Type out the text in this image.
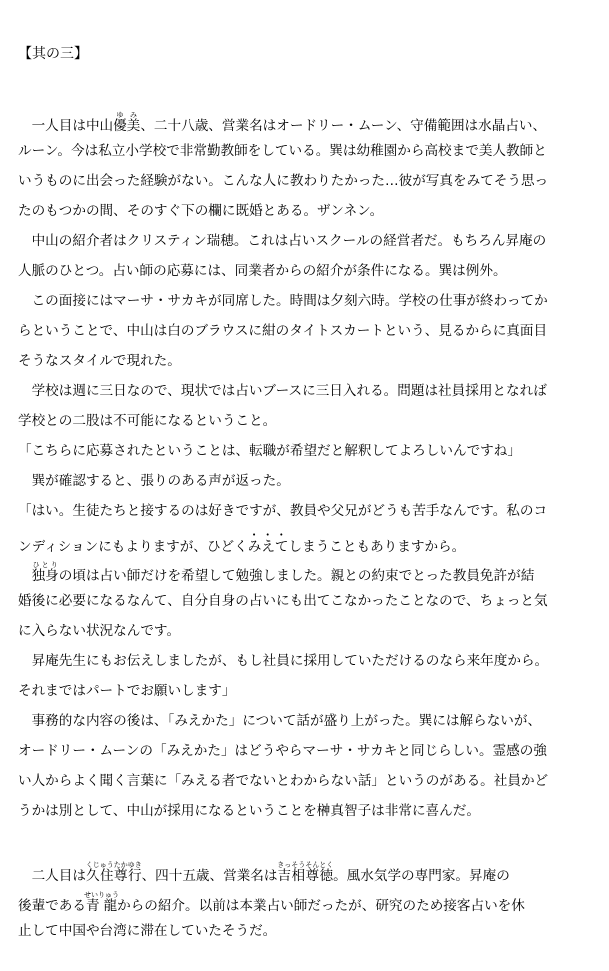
【其の三】
　一人目は中山優美ゆみ、二十八歳、営業名はオードリー・ムーン、守備範囲は水晶占い、
ルーン。今は私立小学校で非常勤教師をしている。巽は幼稚園から高校まで美人教師と
いうものに出会った経験がない。こんな人に教わりたかった…彼が写真をみてそう思っ
たのもつかの間、そのすぐ下の欄に既婚とある。ザンネン。
　中山の紹介者はクリスティン瑞穂。これは占いスクールの経営者だ。もちろん昇庵の
人脈のひとつ。占い師の応募には、同業者からの紹介が条件になる。巽は例外。
　この面接にはマーサ・サカキが同席した。時間は夕刻六時。学校の仕事が終わってか
らということで、中山は白のブラウスに紺のタイトスカートという、見るからに真面目
そうなスタイルで現れた。
　学校は週に三日なので、現状では占いブースに三日入れる。問題は社員採用となれば
学校との二股は不可能になるということ。
「こちらに応募されたということは、転職が希望だと解釈してよろしいんですね」
　巽が確認すると、張りのある声が返った。
「はい。生徒たちと接するのは好きですが、教員や父兄がどうも苦手なんです。私のコ
ンディションにもよりますが、ひどくみえてしまうこともありますから。
　独身ひとりの頃は占い師だけを希望して勉強しました。親との約束でとった教員免許が結
婚後に必要になるなんて、自分自身の占いにも出てこなかったことなので、ちょっと気
に入らない状況なんです。
　昇庵先生にもお伝えしましたが、もし社員に採用していただけるのなら来年度から。
それまではパートでお願いします」
　事務的な内容の後は、「みえかた」について話が盛り上がった。巽には解らないが、
オードリー・ムーンの「みえかた」はどうやらマーサ・サカキと同じらしい。霊感の強
い人からよく聞く言葉に「みえる者でないとわからない話」というのがある。社員かど
うかは別として、中山が採用になるということを榊真智子は非常に喜んだ。
　二人目は久住尊行くじゅうたかゆき、四十五歳、営業名は吉相尊徳きっそうそんとく。風水気学の専門家。昇庵の
後輩である青龍せいりゅうからの紹介。以前は本業占い師だったが、研究のため接客占いを休
止して中国や台湾に滞在していたそうだ。
